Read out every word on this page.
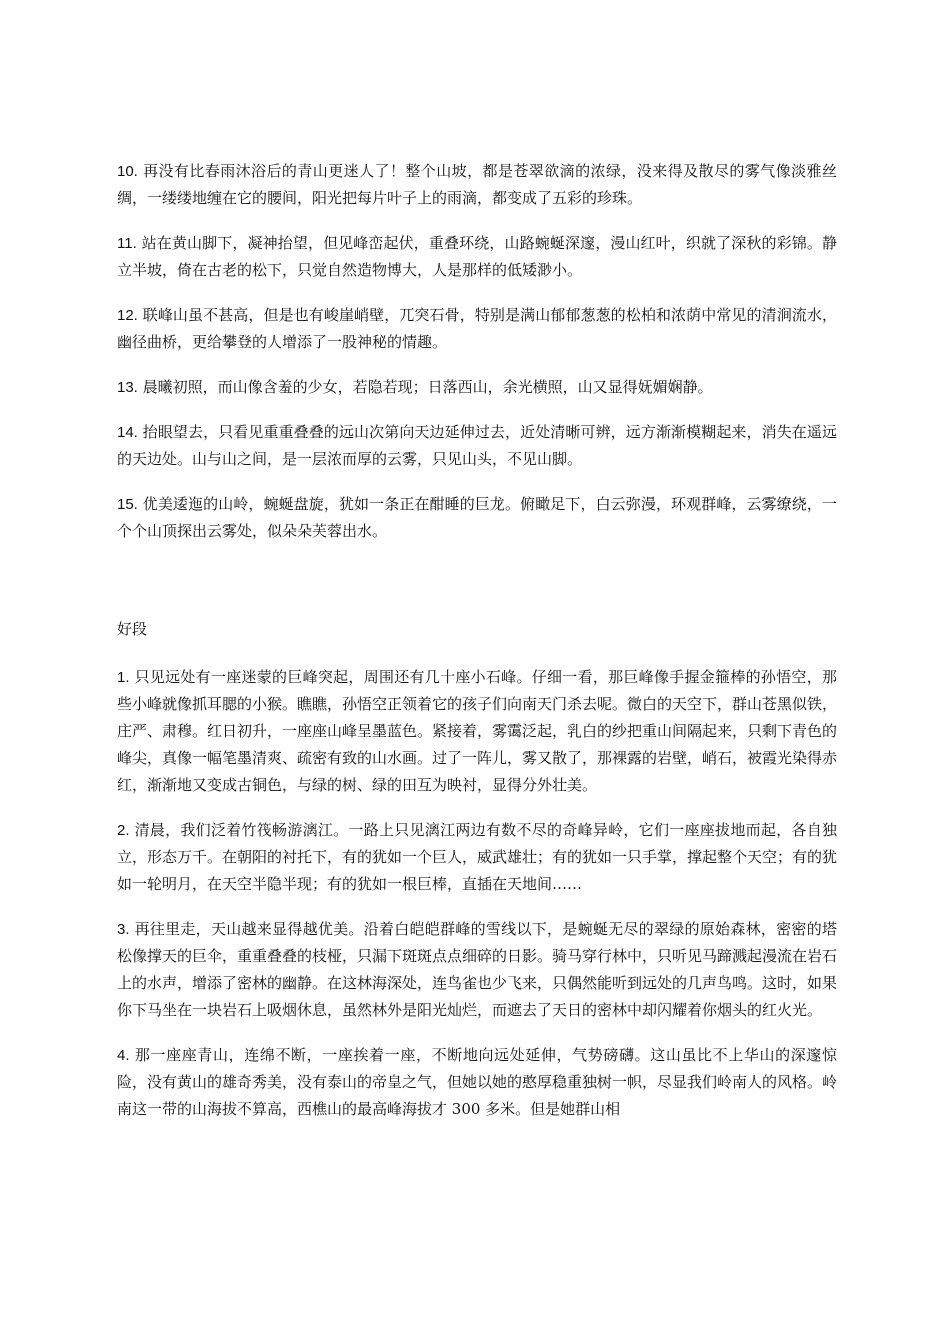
10. 再没有比春雨沐浴后的青山更迷人了！整个山坡，都是苍翠欲滴的浓绿，没来得及散尽的雾气像淡雅丝绸，一缕缕地缠在它的腰间，阳光把每片叶子上的雨滴，都变成了五彩的珍珠。

11. 站在黄山脚下，凝神抬望，但见峰峦起伏，重叠环绕，山路蜿蜒深邃，漫山红叶，织就了深秋的彩锦。静立半坡，倚在古老的松下，只觉自然造物博大，人是那样的低矮渺小。

12. 联峰山虽不甚高，但是也有峻崖峭壁，兀突石骨，特别是满山郁郁葱葱的松柏和浓荫中常见的清涧流水，幽径曲桥，更给攀登的人增添了一股神秘的情趣。

13. 晨曦初照，而山像含羞的少女，若隐若现；日落西山，余光横照，山又显得妩媚娴静。

14. 抬眼望去，只看见重重叠叠的远山次第向天边延伸过去，近处清晰可辨，远方渐渐模糊起来，消失在遥远的天边处。山与山之间，是一层浓而厚的云雾，只见山头，不见山脚。

15. 优美逶迤的山岭，蜿蜒盘旋，犹如一条正在酣睡的巨龙。俯瞰足下，白云弥漫，环观群峰，云雾缭绕，一个个山顶探出云雾处，似朵朵芙蓉出水。

好段

1. 只见远处有一座迷蒙的巨峰突起，周围还有几十座小石峰。仔细一看，那巨峰像手握金箍棒的孙悟空，那些小峰就像抓耳腮的小猴。瞧瞧，孙悟空正领着它的孩子们向南天门杀去呢。微白的天空下，群山苍黑似铁，庄严、肃穆。红日初升，一座座山峰呈墨蓝色。紧接着，雾霭泛起，乳白的纱把重山间隔起来，只剩下青色的峰尖，真像一幅笔墨清爽、疏密有致的山水画。过了一阵儿，雾又散了，那裸露的岩壁，峭石，被霞光染得赤红，渐渐地又变成古铜色，与绿的树、绿的田互为映衬，显得分外壮美。

2. 清晨，我们泛着竹筏畅游漓江。一路上只见漓江两边有数不尽的奇峰异岭，它们一座座拔地而起，各自独立，形态万千。在朝阳的衬托下，有的犹如一个巨人，威武雄壮；有的犹如一只手掌，撑起整个天空；有的犹如一轮明月，在天空半隐半现；有的犹如一根巨棒，直插在天地间……

3. 再往里走，天山越来显得越优美。沿着白皑皑群峰的雪线以下，是蜿蜒无尽的翠绿的原始森林，密密的塔松像撑天的巨伞，重重叠叠的枝桠，只漏下斑斑点点细碎的日影。骑马穿行林中，只听见马蹄溅起漫流在岩石上的水声，增添了密林的幽静。在这林海深处，连鸟雀也少飞来，只偶然能听到远处的几声鸟鸣。这时，如果你下马坐在一块岩石上吸烟休息，虽然林外是阳光灿烂，而遮去了天日的密林中却闪耀着你烟头的红火光。

4. 那一座座青山，连绵不断，一座挨着一座，不断地向远处延伸，气势磅礴。这山虽比不上华山的深邃惊险，没有黄山的雄奇秀美，没有泰山的帝皇之气，但她以她的憨厚稳重独树一帜，尽显我们岭南人的风格。岭南这一带的山海拔不算高，西樵山的最高峰海拔才 300 多米。但是她群山相
